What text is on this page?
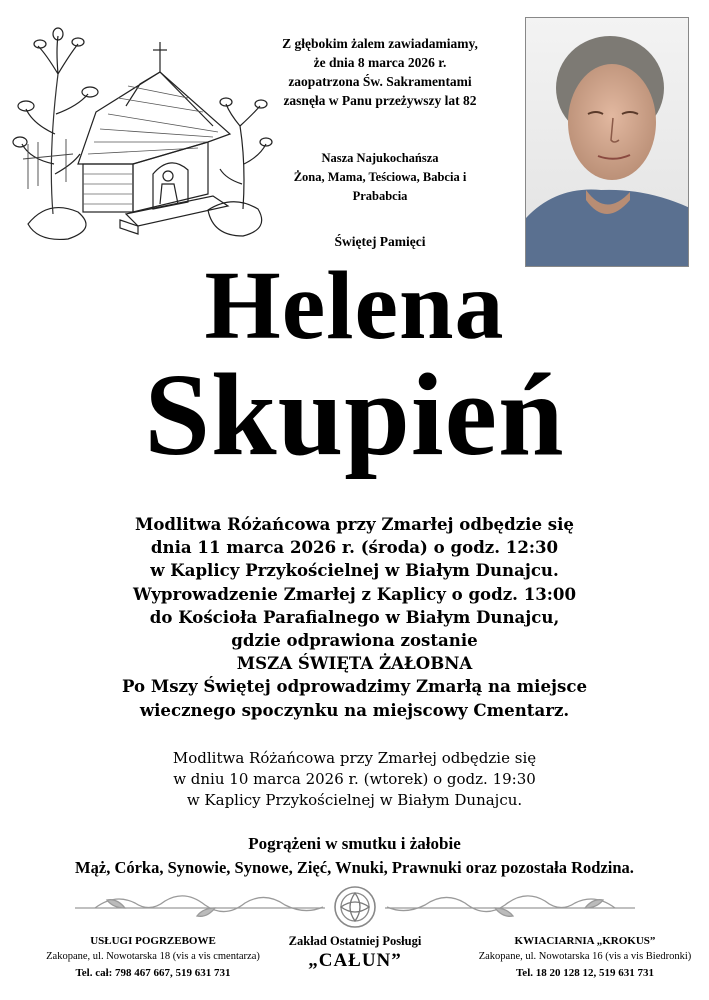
Z głębokim żalem zawiadamiamy,
że dnia 8 marca 2026 r.
zaopatrzona Św. Sakramentami
zasnęła w Panu przeżywszy lat 82
Nasza Najukochańsza
Żona, Mama, Teściowa, Babcia i Prababcia
Świętej Pamięci
Helena
Skupień
Modlitwa Różańcowa przy Zmarłej odbędzie się
dnia 11 marca 2026 r. (środa) o godz. 12:30
w Kaplicy Przykościelnej w Białym Dunajcu.
Wyprowadzenie Zmarłej z Kaplicy o godz. 13:00
do Kościoła Parafialnego w Białym Dunajcu,
gdzie odprawiona zostanie
MSZA ŚWIĘTA ŻAŁOBNA
Po Mszy Świętej odprowadzimy Zmarłą na miejsce
wiecznego spoczynku na miejscowy Cmentarz.
Modlitwa Różańcowa przy Zmarłej odbędzie się
w dniu 10 marca 2026 r. (wtorek) o godz. 19:30
w Kaplicy Przykościelnej w Białym Dunajcu.
Pogrążeni w smutku i żałobie
Mąż, Córka, Synowie, Synowe, Zięć, Wnuki, Prawnuki oraz pozostała Rodzina.
USŁUGI POGRZEBOWE
Zakopane, ul. Nowotarska 18 (vis a vis cmentarza)
Tel. cał: 798 467 667, 519 631 731
Zakład Ostatniej Posługi
„CAŁUN”
KWIACIARNIA „KROKUS”
Zakopane, ul. Nowotarska 16 (vis a vis Biedronki)
Tel. 18 20 128 12, 519 631 731
